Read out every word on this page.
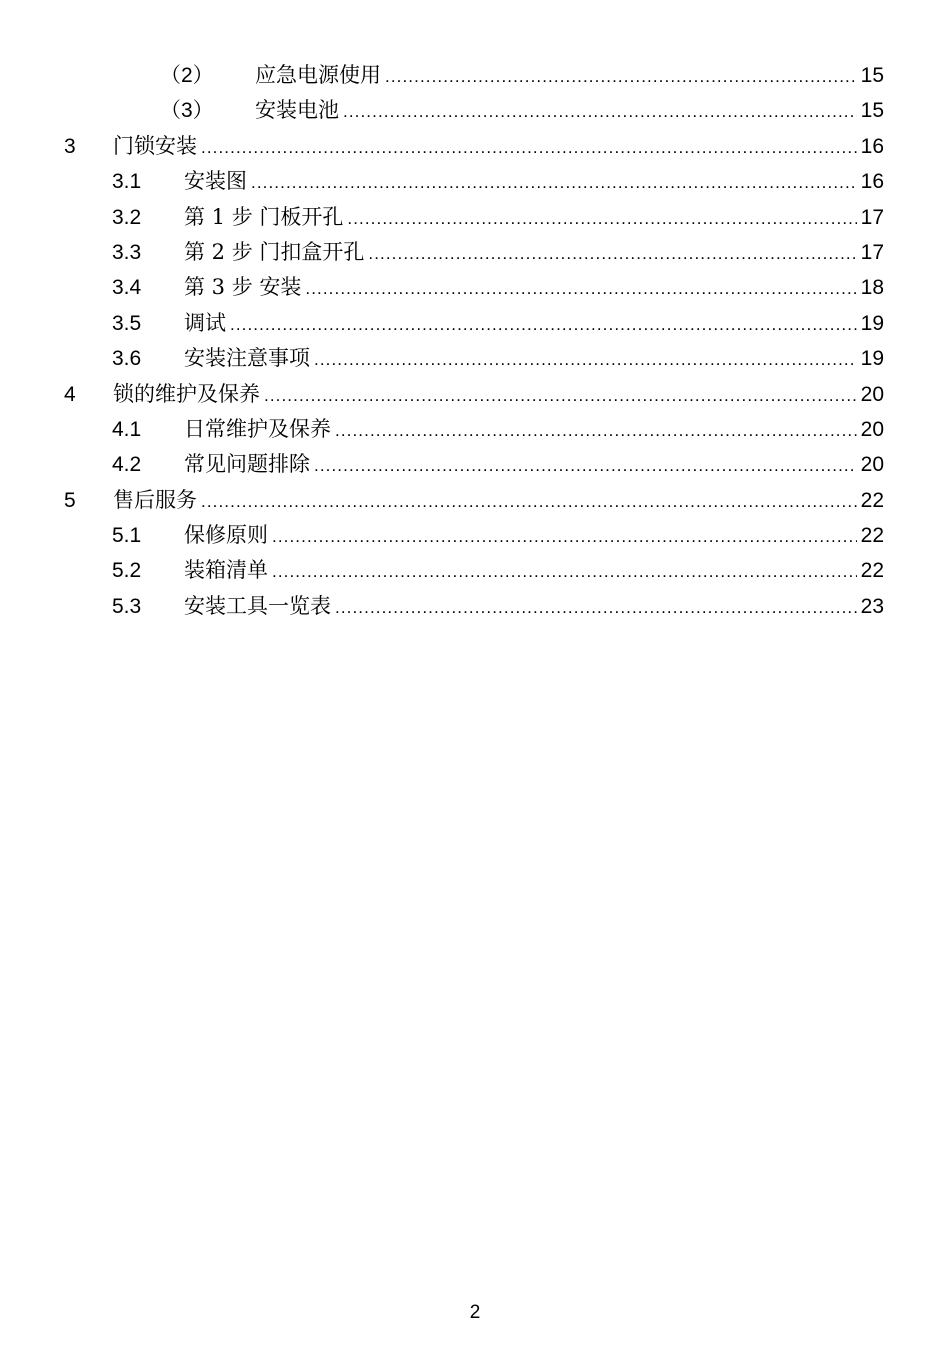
（2） 应急电源使用 .....	15
（3） 安装电池 .....	15
3 门锁安装 .....	16
3.1 安装图 .....	16
3.2 第 1 步 门板开孔 .....	17
3.3 第 2 步 门扣盒开孔 .....	17
3.4 第 3 步 安装 .....	18
3.5 调试 .....	19
3.6 安装注意事项 .....	19
4 锁的维护及保养 .....	20
4.1 日常维护及保养 .....	20
4.2 常见问题排除 .....	20
5 售后服务 .....	22
5.1 保修原则 .....	22
5.2 装箱清单 .....	22
5.3 安装工具一览表 .....	23
2
